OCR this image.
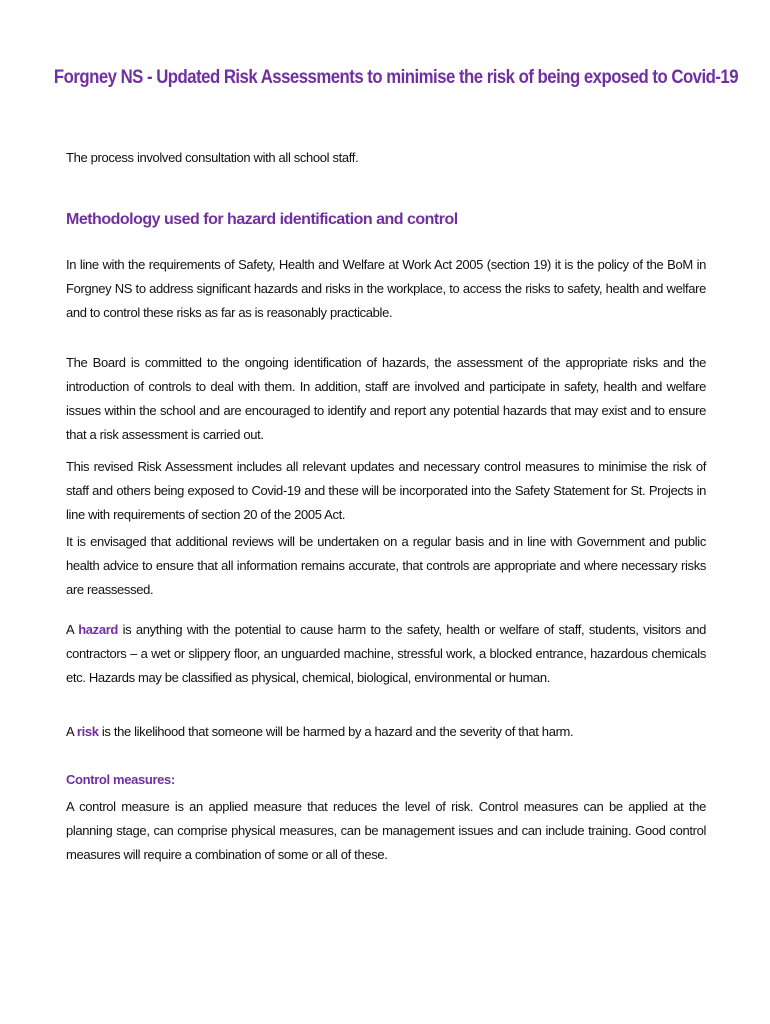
Forgney NS - Updated Risk Assessments to minimise the risk of being exposed to Covid-19
The process involved consultation with all school staff.
Methodology used for hazard identification and control
In line with the requirements of Safety, Health and Welfare at Work Act 2005 (section 19) it is the policy of the BoM in Forgney NS to address significant hazards and risks in the workplace, to access the risks to safety, health and welfare and to control these risks as far as is reasonably practicable.
The Board is committed to the ongoing identification of hazards, the assessment of the appropriate risks and the introduction of controls to deal with them. In addition, staff are involved and participate in safety, health and welfare issues within the school and are encouraged to identify and report any potential hazards that may exist and to ensure that a risk assessment is carried out.
This revised Risk Assessment includes all relevant updates and necessary control measures to minimise the risk of staff and others being exposed to Covid-19 and these will be incorporated into the Safety Statement for St. Projects in line with requirements of section 20 of the 2005 Act.
It is envisaged that additional reviews will be undertaken on a regular basis and in line with Government and public health advice to ensure that all information remains accurate, that controls are appropriate and where necessary risks are reassessed.
A hazard is anything with the potential to cause harm to the safety, health or welfare of staff, students, visitors and contractors – a wet or slippery floor, an unguarded machine, stressful work, a blocked entrance, hazardous chemicals etc. Hazards may be classified as physical, chemical, biological, environmental or human.
A risk is the likelihood that someone will be harmed by a hazard and the severity of that harm.
Control measures:
A control measure is an applied measure that reduces the level of risk. Control measures can be applied at the planning stage, can comprise physical measures, can be management issues and can include training. Good control measures will require a combination of some or all of these.
